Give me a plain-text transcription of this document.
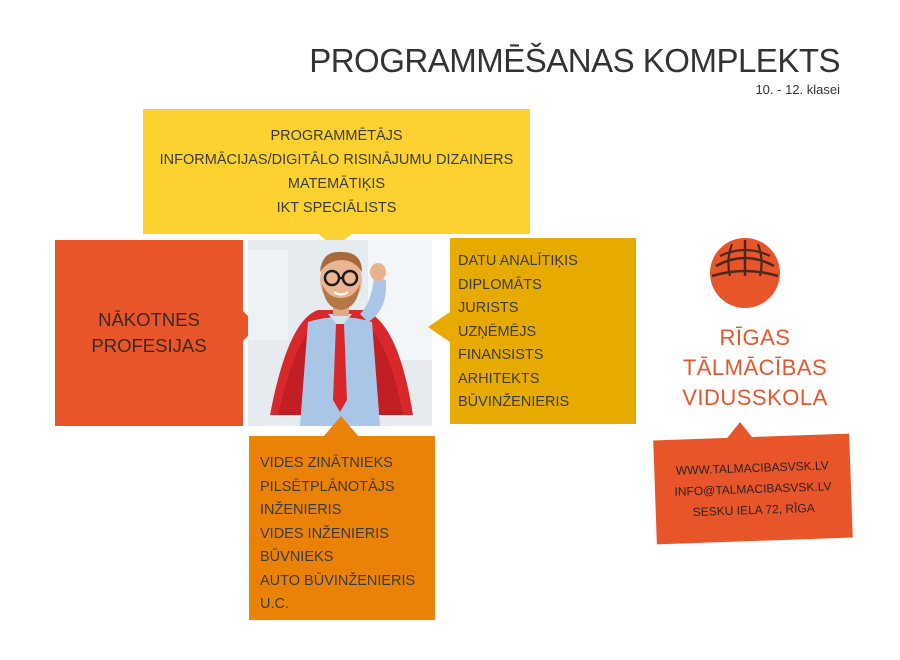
PROGRAMMĒŠANAS KOMPLEKTS
10. - 12. klasei
PROGRAMMĒTĀJS
INFORMĀCIJAS/DIGITĀLO RISINĀJUMU DIZAINERS
MATEMĀTIĶIS
IKT SPECIĀLISTS
NĀKOTNES
PROFESIJAS
DATU ANALĪTIĶIS
DIPLOMĀTS
JURISTS
UZŅĒMĒJS
FINANSISTS
ARHITEKTS
BŪVINŽENIERIS
VIDES ZINĀTNIEKS
PILSĒTPLĀNOTĀJS
INŽENIERIS
VIDES INŽENIERIS
BŪVNIEKS
AUTO BŪVINŽENIERIS
U.C.
RĪGAS
TĀLMĀCĪBAS
VIDUSSKOLA
WWW.TALMACIBASVSK.LV
INFO@TALMACIBASVSK.LV
SESKU IELA 72, RĪGA
